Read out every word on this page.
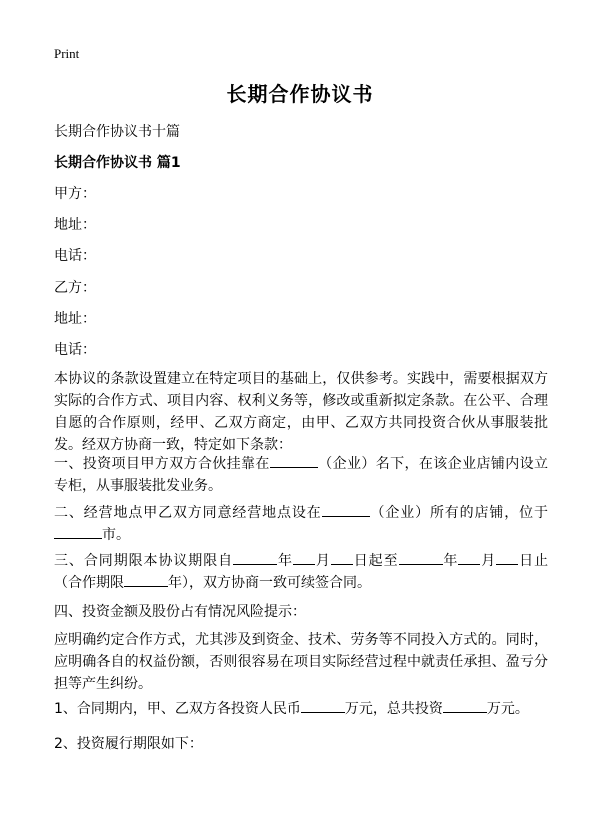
Print
长期合作协议书
长期合作协议书十篇
长期合作协议书 篇1
甲方：
地址：
电话：
乙方：
地址：
电话：
本协议的条款设置建立在特定项目的基础上，仅供参考。实践中，需要根据双方实际的合作方式、项目内容、权利义务等，修改或重新拟定条款。在公平、合理自愿的合作原则，经甲、乙双方商定，由甲、乙双方共同投资合伙从事服装批发。经双方协商一致，特定如下条款：
一、投资项目甲方双方合伙挂靠在	（企业）名下，在该企业店铺内设立专柜，从事服装批发业务。
二、经营地点甲乙双方同意经营地点设在	（企业）所有的店铺，位于市。
三、合同期限本协议期限自	年 月 日起至	年 月 日止（合作期限	年），双方协商一致可续签合同。
四、投资金额及股份占有情况风险提示：
应明确约定合作方式，尤其涉及到资金、技术、劳务等不同投入方式的。同时，应明确各自的权益份额，否则很容易在项目实际经营过程中就责任承担、盈亏分担等产生纠纷。
1、合同期内，甲、乙双方各投资人民币	万元，总共投资	万元。
2、投资履行期限如下：
